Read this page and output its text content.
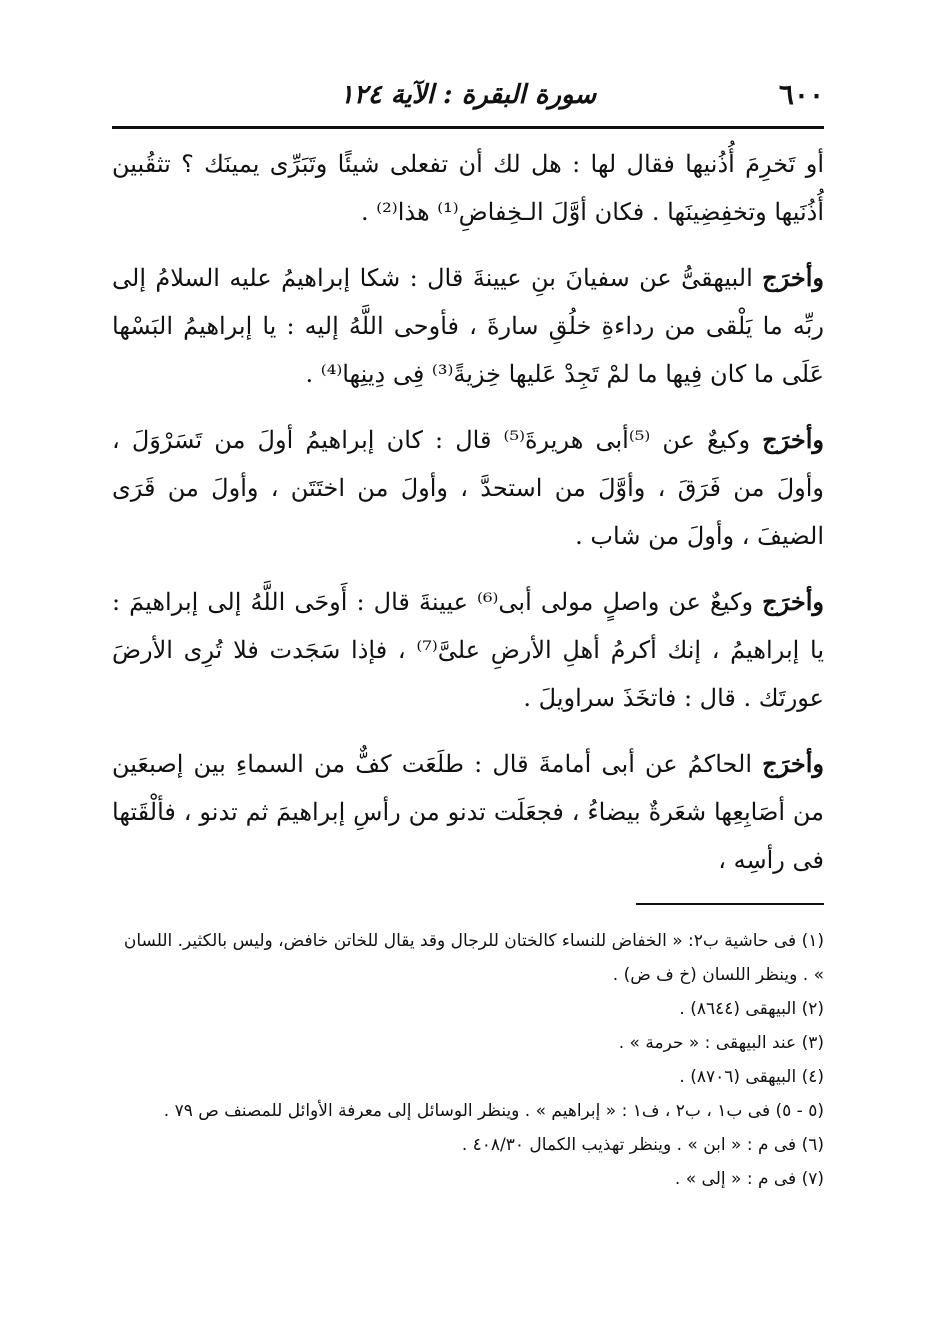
٦٠٠
سورة البقرة : الآية ١٢٤

أو تَخرِمَ أُذُنيها فقال لها : هل لك أن تفعلى شيئًا وتَبَرِّى يمينَك ؟ تثقُبين أُذُنَيها وتخفِضِينَها . فكان أوَّلَ الـخِفاضِ⁽¹⁾ هذا⁽²⁾ .

وأخرَج البيهقىُّ عن سفيانَ بنِ عيينةَ قال : شكا إبراهيمُ عليه السلامُ إلى ربِّه ما يَلْقى من رداءةِ خلُقِ سارةَ ، فأوحى اللَّهُ إليه : يا إبراهيمُ البَسْها عَلَى ما كان فِيها ما لمْ تَجِدْ عَليها خِزيةً⁽³⁾ فِى دِينِها⁽⁴⁾ .

وأخرَج وكيعٌ عن ⁽⁵⁾أبى هريرةَ⁽⁵⁾ قال : كان إبراهيمُ أولَ من تَسَرْوَلَ ، وأولَ من فَرَقَ ، وأوَّلَ من استحدَّ ، وأولَ من اختَتَن ، وأولَ من قَرَى الضيفَ ، وأولَ من شاب .

وأخرَج وكيعٌ عن واصلٍ مولى أبى⁽⁶⁾ عيينةَ قال : أَوحَى اللَّهُ إلى إبراهيمَ : يا إبراهيمُ ، إنك أكرمُ أهلِ الأرضِ علىَّ⁽⁷⁾ ، فإذا سَجَدت فلا تُرِى الأرضَ عورتَك . قال : فاتخَذَ سراويلَ .

وأخرَج الحاكمُ عن أبى أمامةَ قال : طلَعَت كفٌّ من السماءِ بين إصبعَين من أصَابِعِها شعَرةٌ بيضاءُ ، فجعَلَت تدنو من رأسِ إبراهيمَ ثم تدنو ، فألْقَتها فى رأسِه ،

(١) فى حاشية ب٢: « الخفاض للنساء كالختان للرجال وقد يقال للخاتن خافض، وليس بالكثير. اللسان » . وينظر اللسان (خ ف ض) .

(٢) البيهقى (٨٦٤٤) .

(٣) عند البيهقى : « حرمة » .

(٤) البيهقى (٨٧٠٦) .

(٥ - ٥) فى ب١ ، ب٢ ، ف١ : « إبراهيم » . وينظر الوسائل إلى معرفة الأوائل للمصنف ص ٧٩ .

(٦) فى م : « ابن » . وينظر تهذيب الكمال ٤٠٨/٣٠ .

(٧) فى م : « إلى » .
